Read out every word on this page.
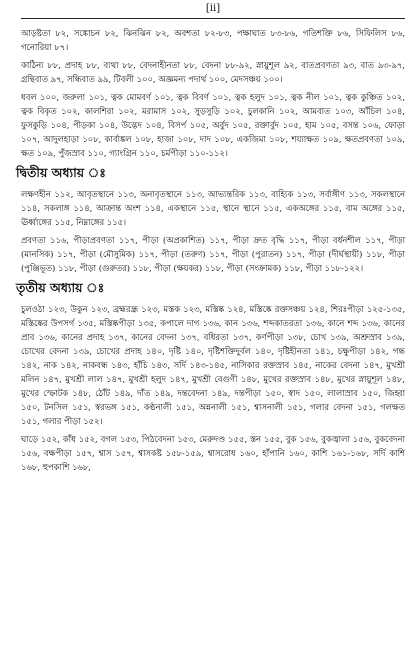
[ii]

আড়ষ্টতা ৮২, সঙ্কোচন ৮২, ঝিনঝিন ৮২, অবশতা ৮২-৮৩, পক্ষাঘাত ৮৩-৮৬, গতিশক্তি ৮৬, সিফিলিস ৮৬, গনোরিয়া ৮৭।

কাঠিন্য ৮৮, প্রদাহ ৮৮, ব্যথা ৮৮, বেদনাহীনতা ৮৮, বেদনা ৮৮-৯২, স্নায়ুশূল ৯২, বাতপ্রবণতা ৯৩, বাত ৯৩-৯৭, গ্রন্থিবাত ৯৭, সন্ধিবাত ৯৯, টিবলী ১০০, অজ্ঞমন্য পদার্থ ১০০, মেদসঞ্চয় ১০০।

ধবল ১০০, জরুলা ১০১, ত্বক মোমবর্ণ ১০১, ত্বক বিবর্ণ ১০১, ত্বক হলুদ ১০১, ত্বক নীল ১০১, ত্বক কুঞ্চিত ১০২, ত্বক বিকৃত ১০২, কালশিরা ১০২, মরামাস ১০২, সুড়সুড়ি ১০২, চুলকানি ১০২, আমবাত ১০৩, আঁচিল ১০৪, ফুসকুড়ি ১০৪, পীড়কা ১০৪, উদ্ভেদ ১০৪, বিসর্প ১০৫, অর্বুদ ১০৫, রক্তার্বুদ ১০৫, হাম ১০৫, বসন্ত ১০৬, ফোড়া ১০৭, আদুলহাড়া ১০৮, কার্বাঙ্কল ১০৮, হাজা ১০৮, দাদ ১০৮, একজিমা ১০৮, শয্যাক্ষত ১০৯, ক্ষতপ্রবণতা ১০৯, ক্ষত ১০৯, পুঁজস্রাব ১১০, গ্যাংগ্রিন ১১০, চর্মপীড়া ১১০-১১২।

দ্বিতীয় অধ্যায় ঃ

লক্ষণহীন ১১২, আবৃতস্থানে ১১৩, অনাবৃতস্থানে ১১৩, আভ্যন্তরিক ১১৩, বাহ্যিক ১১৩, সর্বাঙ্গীণ ১১৩, সকলস্থানে ১১৪, সকলাঙ্গ ১১৪, আক্রান্ত অংশ ১১৪, একস্থানে ১১৫, স্থানে স্থানে ১১৫, একঅঙ্গের ১১৫, বাম অঙ্গের ১১৫, ঊর্ধ্বাঙ্গের ১১৫, নিম্নাঙ্গের ১১৫।

প্রবণতা ১১৬, পীড়াপ্রবণতা ১১৭, পীড়া (অপ্রকাশিত) ১১৭, পীড়া দ্রুত বৃদ্ধি ১১৭, পীড়া বর্ধনশীল ১১৭, পীড়া (মানসিক) ১১৭, পীড়া (মৌসুমিক) ১১৭, পীড়া (তরুণ) ১১৭, পীড়া (পুরাতন) ১১৭, পীড়া (দীর্ঘস্থায়ী) ১১৮, পীড়া (পুঞ্জিভূত) ১১৮, পীড়া (গুরুতর) ১১৮, পীড়া (ক্ষয়কর) ১১৮, পীড়া (সংক্রামক) ১১৮, পীড়া ১১৮-১২২।

তৃতীয় অধ্যায় ঃ

চুলওঠা ১২৩, উকুন ১২৩, ব্রহ্মরন্ধ্র ১২৩, মস্তক ১২৩, মস্তিষ্ক ১২৪, মস্তিষ্কে রক্তসঞ্চয় ১২৪, শিরঃপীড়া ১২৫-১৩৫, মস্তিষ্কের উপসর্গ ১৩৫, মস্তিষ্কপীড়া ১৩৫, কপালে দাগ ১৩৬, কান ১৩৬, শব্দকাতরতা ১৩৬, কানে শব্দ ১৩৬, কানের প্রাব ১৩৬, কানের প্রদাহ ১৩৭, কানের বেদনা ১৩৭, বধিরতা ১৩৭, কর্ণপীড়া ১৩৮, চোখ ১৩৯, অশ্রুস্রাব ১৩৯, চোখের বেদনা ১৩৯, চোখের প্রদাহ ১৪০, দৃষ্টি ১৪০, দৃষ্টিশক্তিদুর্বল ১৪০, দৃষ্টিহীনতা ১৪১, চক্ষুপীড়া ১৪২, গন্ধ ১৪২, নাক ১৪২, নাকবন্ধ ১৪৩, হাঁচি ১৪৩, সর্দি ১৪৩-১৪৫, নাসিকার রক্তস্রাব ১৪৫, নাকের বেদনা ১৪৭, মুখশ্রী মলিন ১৪৭, মুখশ্রী লাল ১৪৭, মুখশ্রী হলুদ ১৪৭, মুখশ্রী বেগুণী ১৪৮, মুখের রক্তস্রাব ১৪৮, মুখের স্নায়ুশূল ১৪৮, মুখের স্ফোটক ১৪৮, ঠোঁট ১৪৯, দাঁত ১৪৯, দন্তবেদনা ১৪৯, দন্তপীড়া ১৫০, স্বাদ ১৫০, লালাস্রাব ১৫০, জিহ্বা ১৫০, টনসিল ১৫১, স্বরভঙ্গ ১৫১, কণ্ঠনালী ১৫১, অন্ননালী ১৫১, শ্বাসনালী ১৫১, গলার বেদনা ১৫১, গলক্ষত ১৫১, গলার পীড়া ১৫২।

ঘাড়ে ১৫২, কাঁধ ১৫২, বগল ১৫৩, পিঠবেদনা ১৫৩, মেরুদণ্ড ১৫৫, স্তন ১৫৫, বুক ১৫৬, বুকজ্বালা ১৫৬, বুকবেদনা ১৫৬, বক্ষপীড়া ১৫৭, শ্বাস ১৫৭, শ্বাসকষ্ট ১৫৮-১৫৯, শ্বাসরোধ ১৬০, হাঁপানি ১৬০, কাশি ১৬১-১৬৮, সর্দি কাশি ১৬৮, হুপকাশি ১৬৮,
